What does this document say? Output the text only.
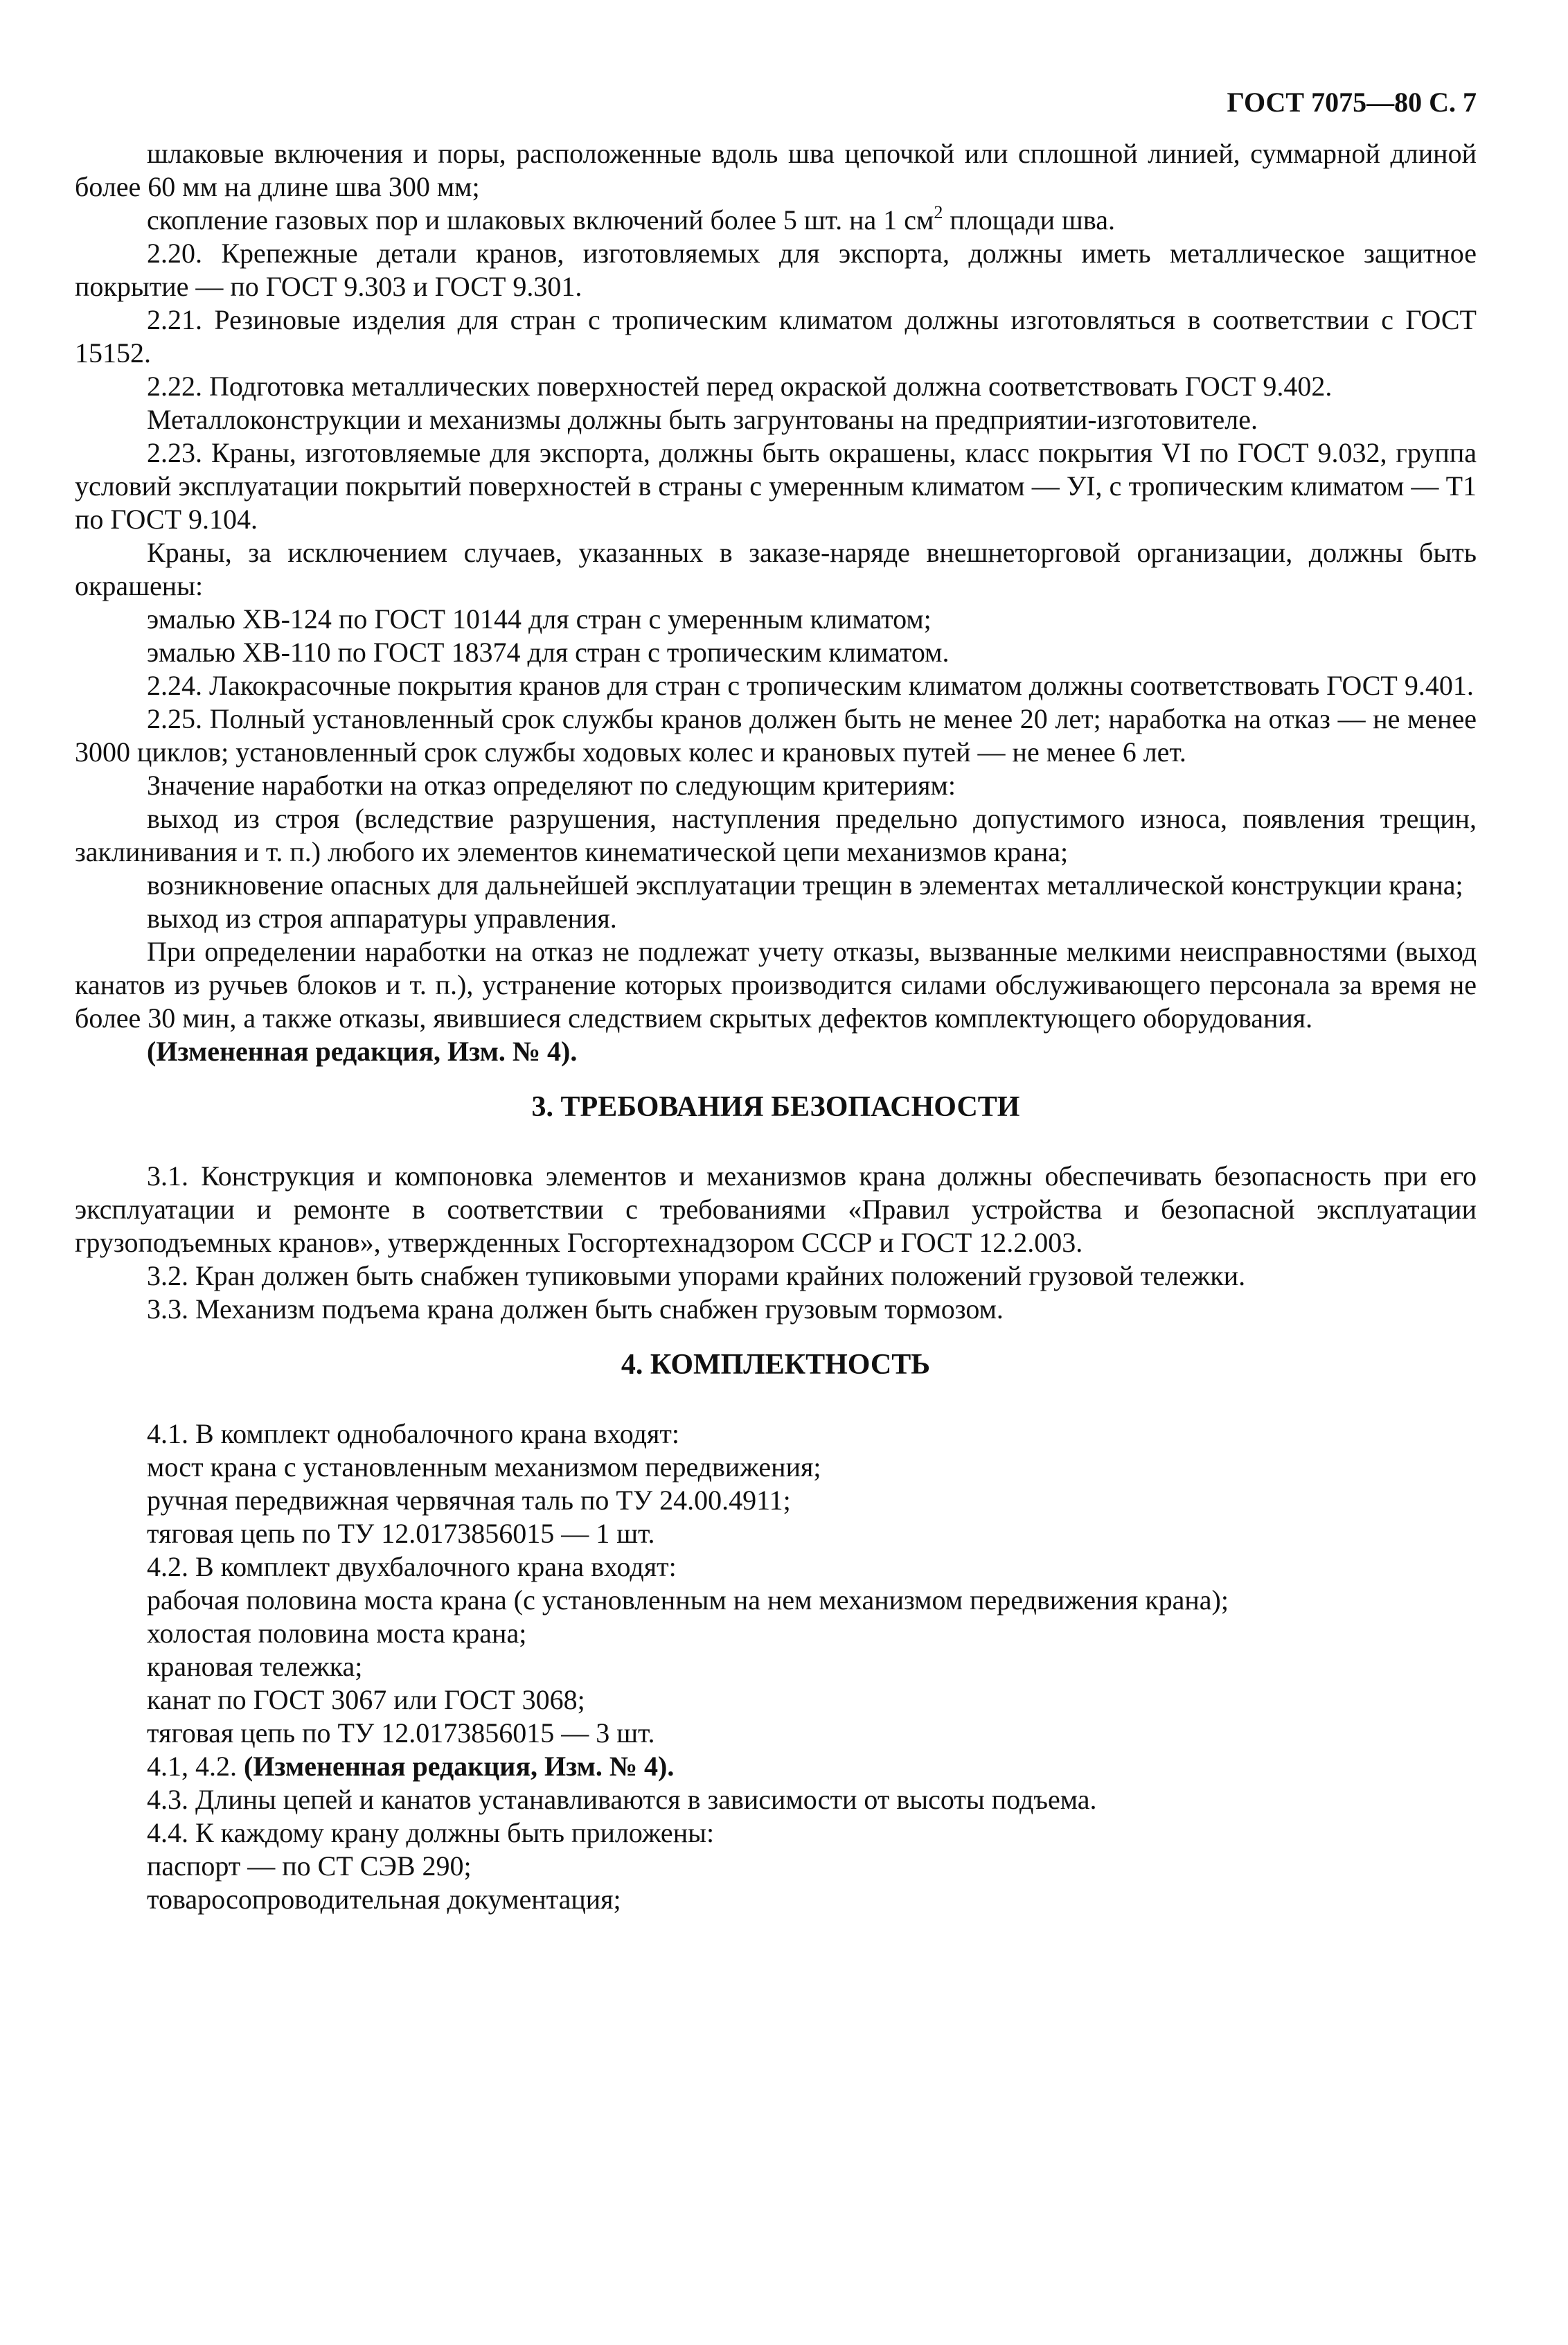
ГОСТ 7075—80 С. 7

шлаковые включения и поры, расположенные вдоль шва цепочкой или сплошной линией, суммарной длиной более 60 мм на длине шва 300 мм;

скопление газовых пор и шлаковых включений более 5 шт. на 1 $см^2$ площади шва.

2.20. Крепежные детали кранов, изготовляемых для экспорта, должны иметь металлическое защитное покрытие — по ГОСТ 9.303 и ГОСТ 9.301.

2.21. Резиновые изделия для стран с тропическим климатом должны изготовляться в соответствии с ГОСТ 15152.

2.22. Подготовка металлических поверхностей перед окраской должна соответствовать ГОСТ 9.402.

Металлоконструкции и механизмы должны быть загрунтованы на предприятии-изготовителе.

2.23. Краны, изготовляемые для экспорта, должны быть окрашены, класс покрытия VI по ГОСТ 9.032, группа условий эксплуатации покрытий поверхностей в страны с умеренным климатом — УI, с тропическим климатом — Т1 по ГОСТ 9.104.

Краны, за исключением случаев, указанных в заказе-наряде внешнеторговой организации, должны быть окрашены:

эмалью ХВ-124 по ГОСТ 10144 для стран с умеренным климатом;

эмалью ХВ-110 по ГОСТ 18374 для стран с тропическим климатом.

2.24. Лакокрасочные покрытия кранов для стран с тропическим климатом должны соответствовать ГОСТ 9.401.

2.25. Полный установленный срок службы кранов должен быть не менее 20 лет; наработка на отказ — не менее 3000 циклов; установленный срок службы ходовых колес и крановых путей — не менее 6 лет.

Значение наработки на отказ определяют по следующим критериям:

выход из строя (вследствие разрушения, наступления предельно допустимого износа, появления трещин, заклинивания и т. п.) любого их элементов кинематической цепи механизмов крана;

возникновение опасных для дальнейшей эксплуатации трещин в элементах металлической конструкции крана;

выход из строя аппаратуры управления.

При определении наработки на отказ не подлежат учету отказы, вызванные мелкими неисправностями (выход канатов из ручьев блоков и т. п.), устранение которых производится силами обслуживающего персонала за время не более 30 мин, а также отказы, явившиеся следствием скрытых дефектов комплектующего оборудования.

(Измененная редакция, Изм. № 4).

3. ТРЕБОВАНИЯ БЕЗОПАСНОСТИ

3.1. Конструкция и компоновка элементов и механизмов крана должны обеспечивать безопасность при его эксплуатации и ремонте в соответствии с требованиями «Правил устройства и безопасной эксплуатации грузоподъемных кранов», утвержденных Госгортехнадзором СССР и ГОСТ 12.2.003.

3.2. Кран должен быть снабжен тупиковыми упорами крайних положений грузовой тележки.

3.3. Механизм подъема крана должен быть снабжен грузовым тормозом.

4. КОМПЛЕКТНОСТЬ

4.1. В комплект однобалочного крана входят:

мост крана с установленным механизмом передвижения;

ручная передвижная червячная таль по ТУ 24.00.4911;

тяговая цепь по ТУ 12.0173856015 — 1 шт.

4.2. В комплект двухбалочного крана входят:

рабочая половина моста крана (с установленным на нем механизмом передвижения крана);

холостая половина моста крана;

крановая тележка;

канат по ГОСТ 3067 или ГОСТ 3068;

тяговая цепь по ТУ 12.0173856015 — 3 шт.

4.1, 4.2. (Измененная редакция, Изм. № 4).

4.3. Длины цепей и канатов устанавливаются в зависимости от высоты подъема.

4.4. К каждому крану должны быть приложены:

паспорт — по СТ СЭВ 290;

товаросопроводительная документация;
